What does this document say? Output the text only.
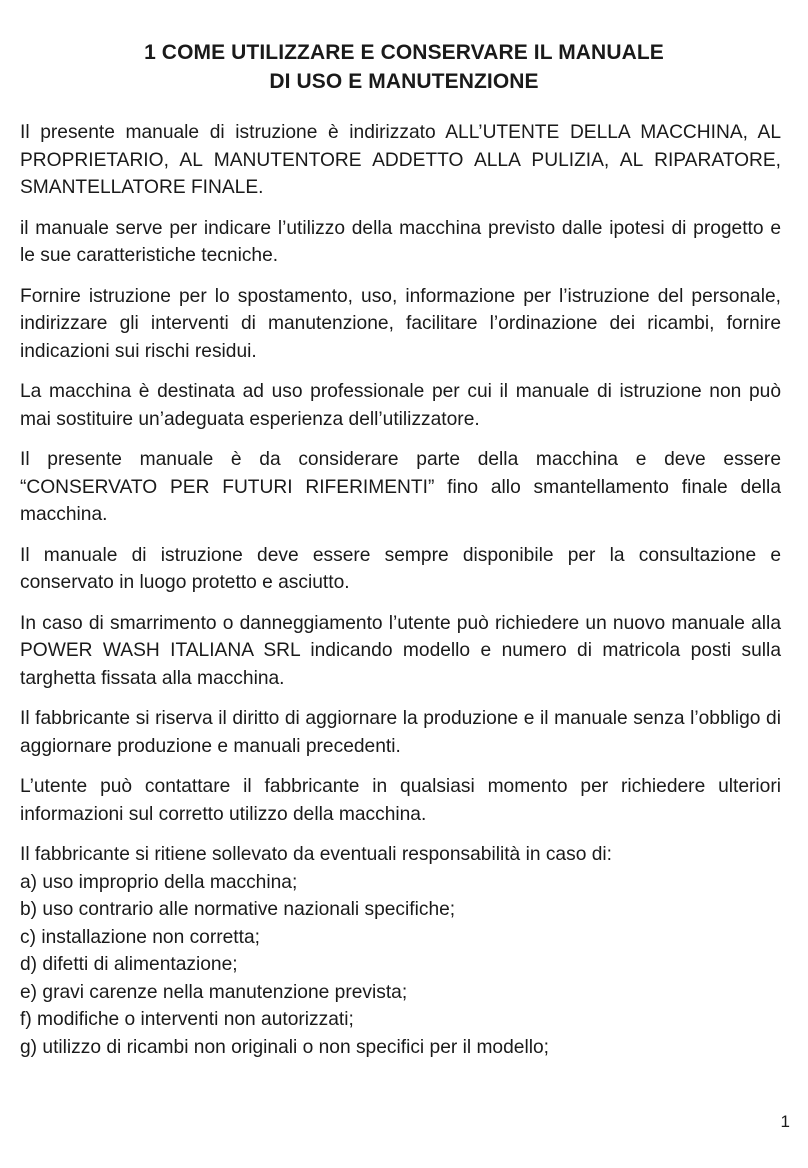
1 COME UTILIZZARE E CONSERVARE IL MANUALE
DI USO E MANUTENZIONE

Il presente manuale di istruzione è indirizzato ALL’UTENTE DELLA MACCHINA, AL PROPRIETARIO, AL MANUTENTORE ADDETTO ALLA PULIZIA, AL RIPARATORE, SMANTELLATORE FINALE.

il manuale serve per indicare l’utilizzo della macchina previsto dalle ipotesi di progetto e le sue caratteristiche tecniche.

Fornire istruzione per lo spostamento, uso, informazione per l’istruzione del personale, indirizzare gli interventi di manutenzione, facilitare l’ordinazione dei ricambi, fornire indicazioni sui rischi residui.

La macchina è destinata ad uso professionale per cui il manuale di istruzione non può mai sostituire un’adeguata esperienza dell’utilizzatore.

Il presente manuale è da considerare parte della macchina e deve essere “CONSERVATO PER FUTURI RIFERIMENTI” fino allo smantellamento finale della macchina.

Il manuale di istruzione deve essere sempre disponibile per la consultazione e conservato in luogo protetto e asciutto.

In caso di smarrimento o danneggiamento l’utente può richiedere un nuovo manuale alla POWER WASH ITALIANA SRL indicando modello e numero di matricola posti sulla targhetta fissata alla macchina.

Il fabbricante si riserva il diritto di aggiornare la produzione e il manuale senza l’obbligo di aggiornare produzione e manuali precedenti.

L’utente può contattare il fabbricante in qualsiasi momento per richiedere ulteriori informazioni sul corretto utilizzo della macchina.

Il fabbricante si ritiene sollevato da eventuali responsabilità in caso di:
a) uso improprio della macchina;
b) uso contrario alle normative nazionali specifiche;
c) installazione non corretta;
d) difetti di alimentazione;
e) gravi carenze nella manutenzione prevista;
f) modifiche o interventi non autorizzati;
g) utilizzo di ricambi non originali o non specifici per il modello;
1
